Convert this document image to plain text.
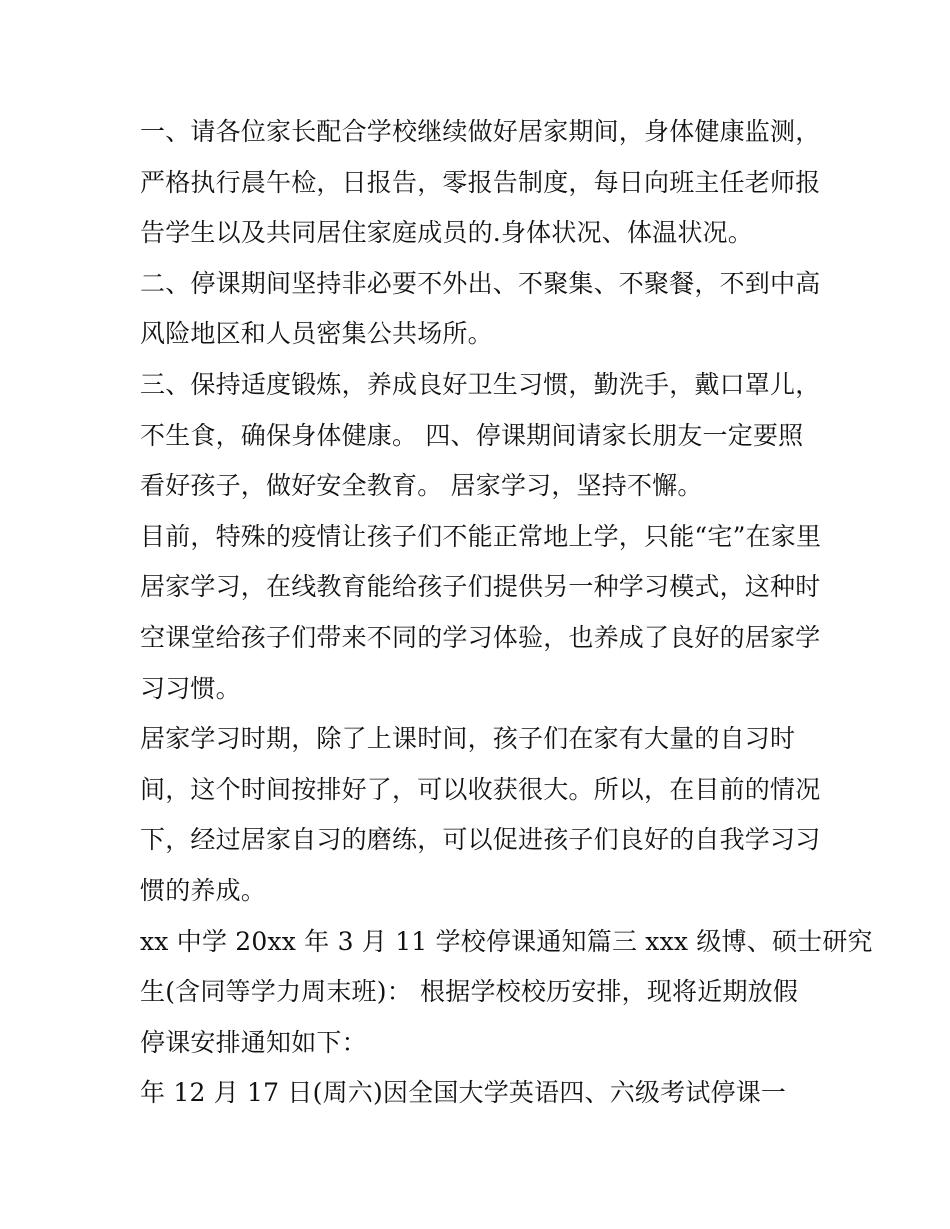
一、请各位家长配合学校继续做好居家期间，身体健康监测，
严格执行晨午检，日报告，零报告制度，每日向班主任老师报
告学生以及共同居住家庭成员的.身体状况、体温状况。
二、停课期间坚持非必要不外出、不聚集、不聚餐，不到中高
风险地区和人员密集公共场所。
三、保持适度锻炼，养成良好卫生习惯，勤洗手，戴口罩儿，
不生食，确保身体健康。 四、停课期间请家长朋友一定要照
看好孩子，做好安全教育。 居家学习，坚持不懈。
目前，特殊的疫情让孩子们不能正常地上学，只能“宅”在家里
居家学习，在线教育能给孩子们提供另一种学习模式，这种时
空课堂给孩子们带来不同的学习体验，也养成了良好的居家学
习习惯。
居家学习时期，除了上课时间，孩子们在家有大量的自习时
间，这个时间按排好了，可以收获很大。所以，在目前的情况
下，经过居家自习的磨练，可以促进孩子们良好的自我学习习
惯的养成。
xx 中学 20xx 年 3 月 11 学校停课通知篇三 xxx 级博、硕士研究
生(含同等学力周末班)： 根据学校校历安排，现将近期放假
停课安排通知如下：
年 12 月 17 日(周六)因全国大学英语四、六级考试停课一
